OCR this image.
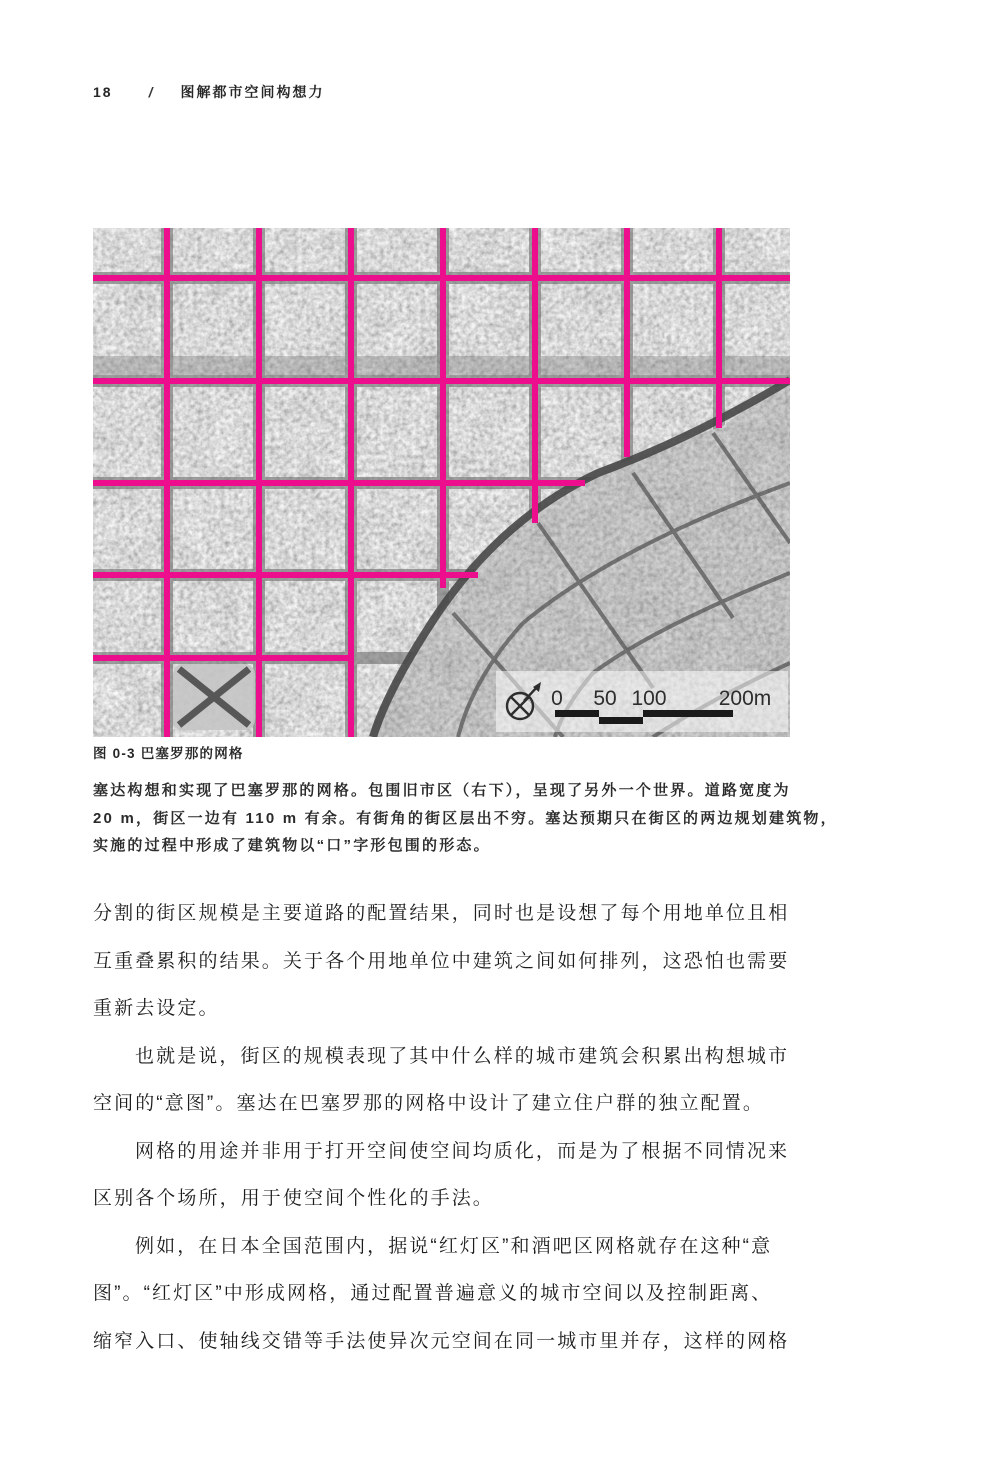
18	/ 图解都市空间构想力
0 50 100 200m
图 0-3 巴塞罗那的网格
塞达构想和实现了巴塞罗那的网格。包围旧市区（右下），呈现了另外一个世界。道路宽度为
20 m，街区一边有 110 m 有余。有街角的街区层出不穷。塞达预期只在街区的两边规划建筑物，
实施的过程中形成了建筑物以“口”字形包围的形态。
分割的街区规模是主要道路的配置结果，同时也是设想了每个用地单位且相
互重叠累积的结果。关于各个用地单位中建筑之间如何排列，这恐怕也需要
重新去设定。
也就是说，街区的规模表现了其中什么样的城市建筑会积累出构想城市
空间的“意图”。塞达在巴塞罗那的网格中设计了建立住户群的独立配置。
网格的用途并非用于打开空间使空间均质化，而是为了根据不同情况来
区别各个场所，用于使空间个性化的手法。
例如，在日本全国范围内，据说“红灯区”和酒吧区网格就存在这种“意
图”。“红灯区”中形成网格，通过配置普遍意义的城市空间以及控制距离、
缩窄入口、使轴线交错等手法使异次元空间在同一城市里并存，这样的网格
